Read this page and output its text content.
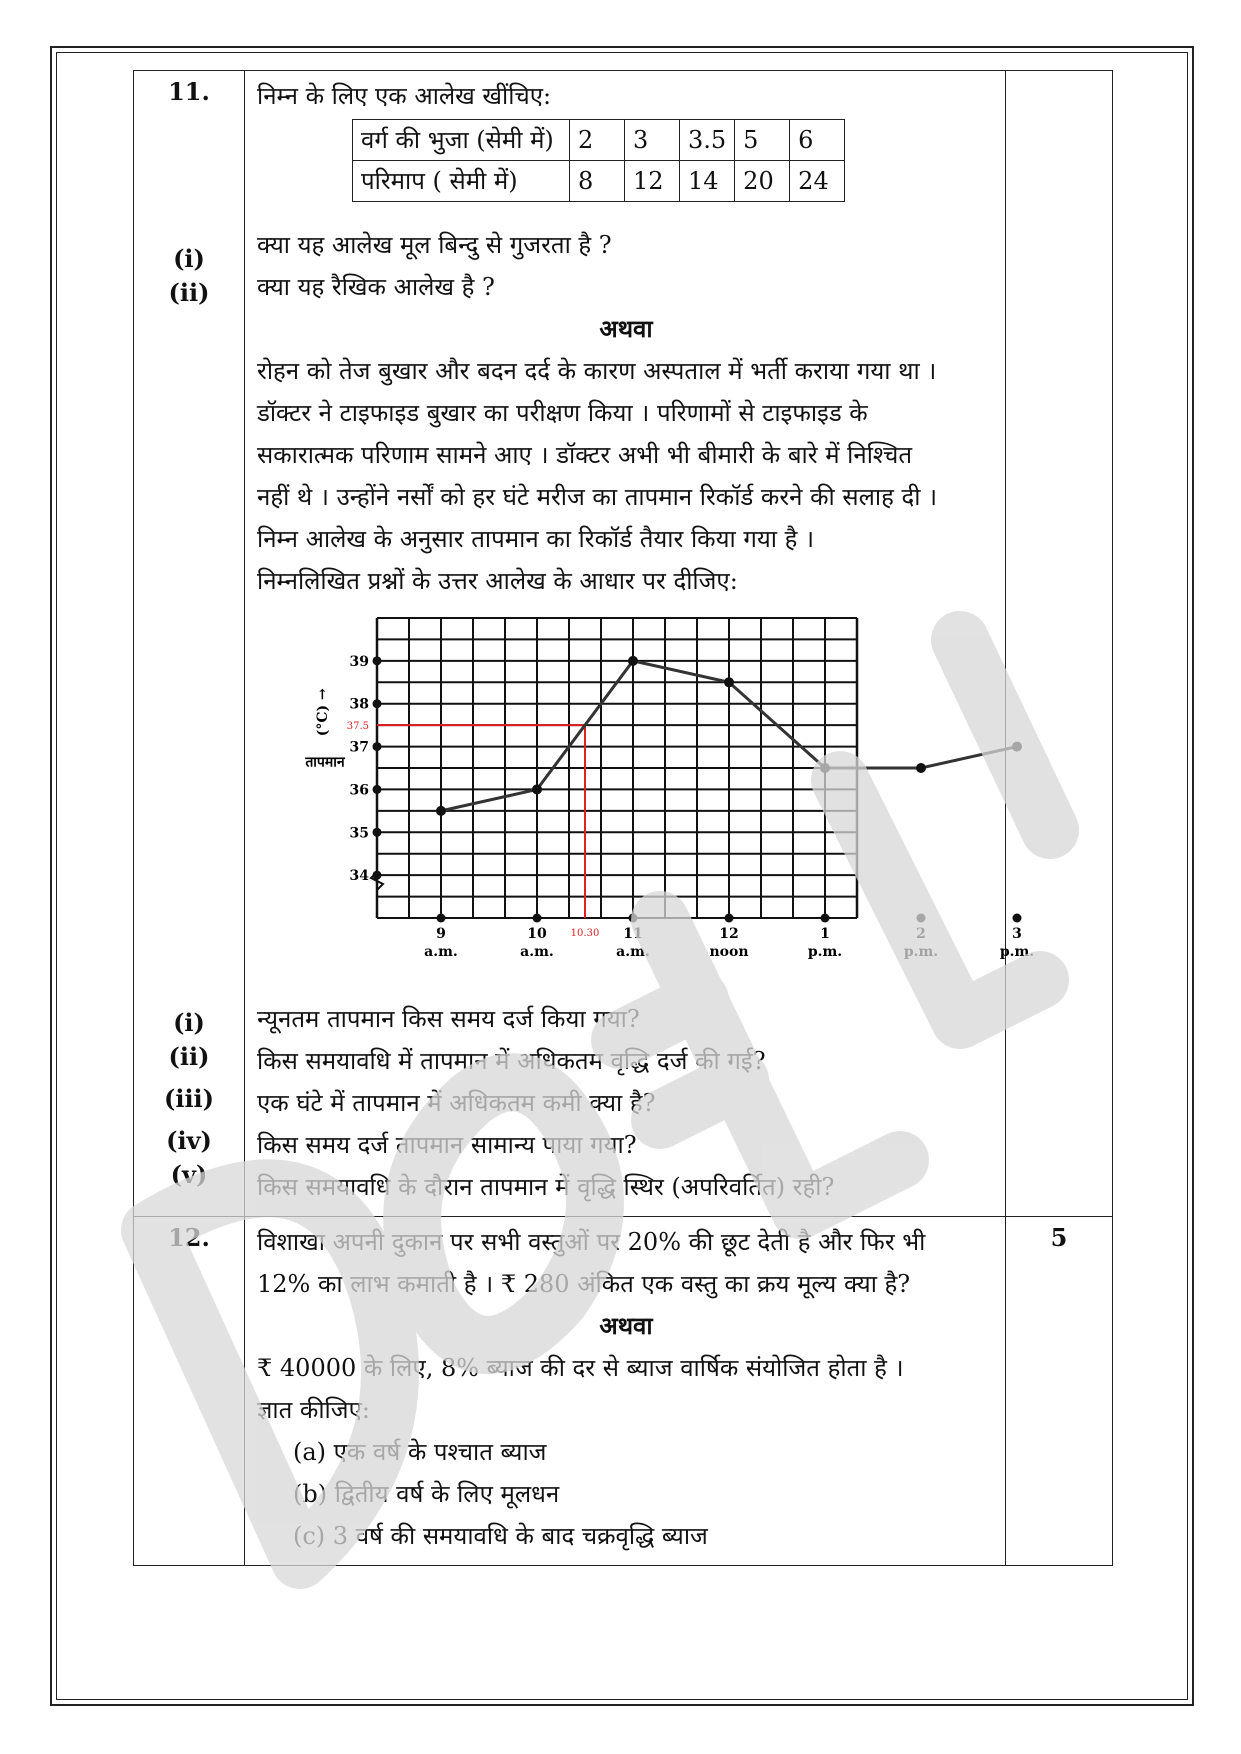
11.
(i)
(ii)
(i)
(ii)
(iii)
(iv)
(v)

निम्न के लिए एक आलेख खींचिए:
वर्ग की भुजा (सेमी में)	2	3	3.5	5	6
परिमाप ( सेमी में)	8	12	14	20	24
क्या यह आलेख मूल बिन्दु से गुजरता है ?
क्या यह रैखिक आलेख है ?
अथवा

रोहन को तेज बुखार और बदन दर्द के कारण अस्पताल में भर्ती कराया गया था ।

डॉक्टर ने टाइफाइड बुखार का परीक्षण किया । परिणामों से टाइफाइड के

सकारात्मक परिणाम सामने आए । डॉक्टर अभी भी बीमारी के बारे में निश्चित

नहीं थे । उन्होंने नर्सों को हर घंटे मरीज का तापमान रिकॉर्ड करने की सलाह दी ।

निम्न आलेख के अनुसार तापमान का रिकॉर्ड तैयार किया गया है ।

निम्नलिखित प्रश्नों के उत्तर आलेख के आधार पर दीजिए:

34
35
36
37
38
39
तापमान
(°C) →
9
a.m.
10
a.m.
11
a.m.
12
noon
1
p.m.
2
p.m.
3
p.m.
37.5
10.30
न्यूनतम तापमान किस समय दर्ज किया गया?
किस समयावधि में तापमान में अधिकतम वृद्धि दर्ज की गई?
एक घंटे में तापमान में अधिकतम कमी क्या है?
किस समय दर्ज तापमान सामान्य पाया गया?
किस समयावधि के दौरान तापमान में वृद्धि स्थिर (अपरिवर्तित) रही?

12.	विशाखा अपनी दुकान पर सभी वस्तुओं पर 20% की छूट देती है और फिर भी
12% का लाभ कमाती है । ₹ 280 अंकित एक वस्तु का क्रय मूल्य क्या है?
अथवा
₹ 40000 के लिए, 8% ब्याज की दर से ब्याज वार्षिक संयोजित होता है ।
ज्ञात कीजिए:
(a) एक वर्ष के पश्चात ब्याज
(b) द्वितीय वर्ष के लिए मूलधन
(c) 3 वर्ष की समयावधि के बाद चक्रवृद्धि ब्याज
	5
